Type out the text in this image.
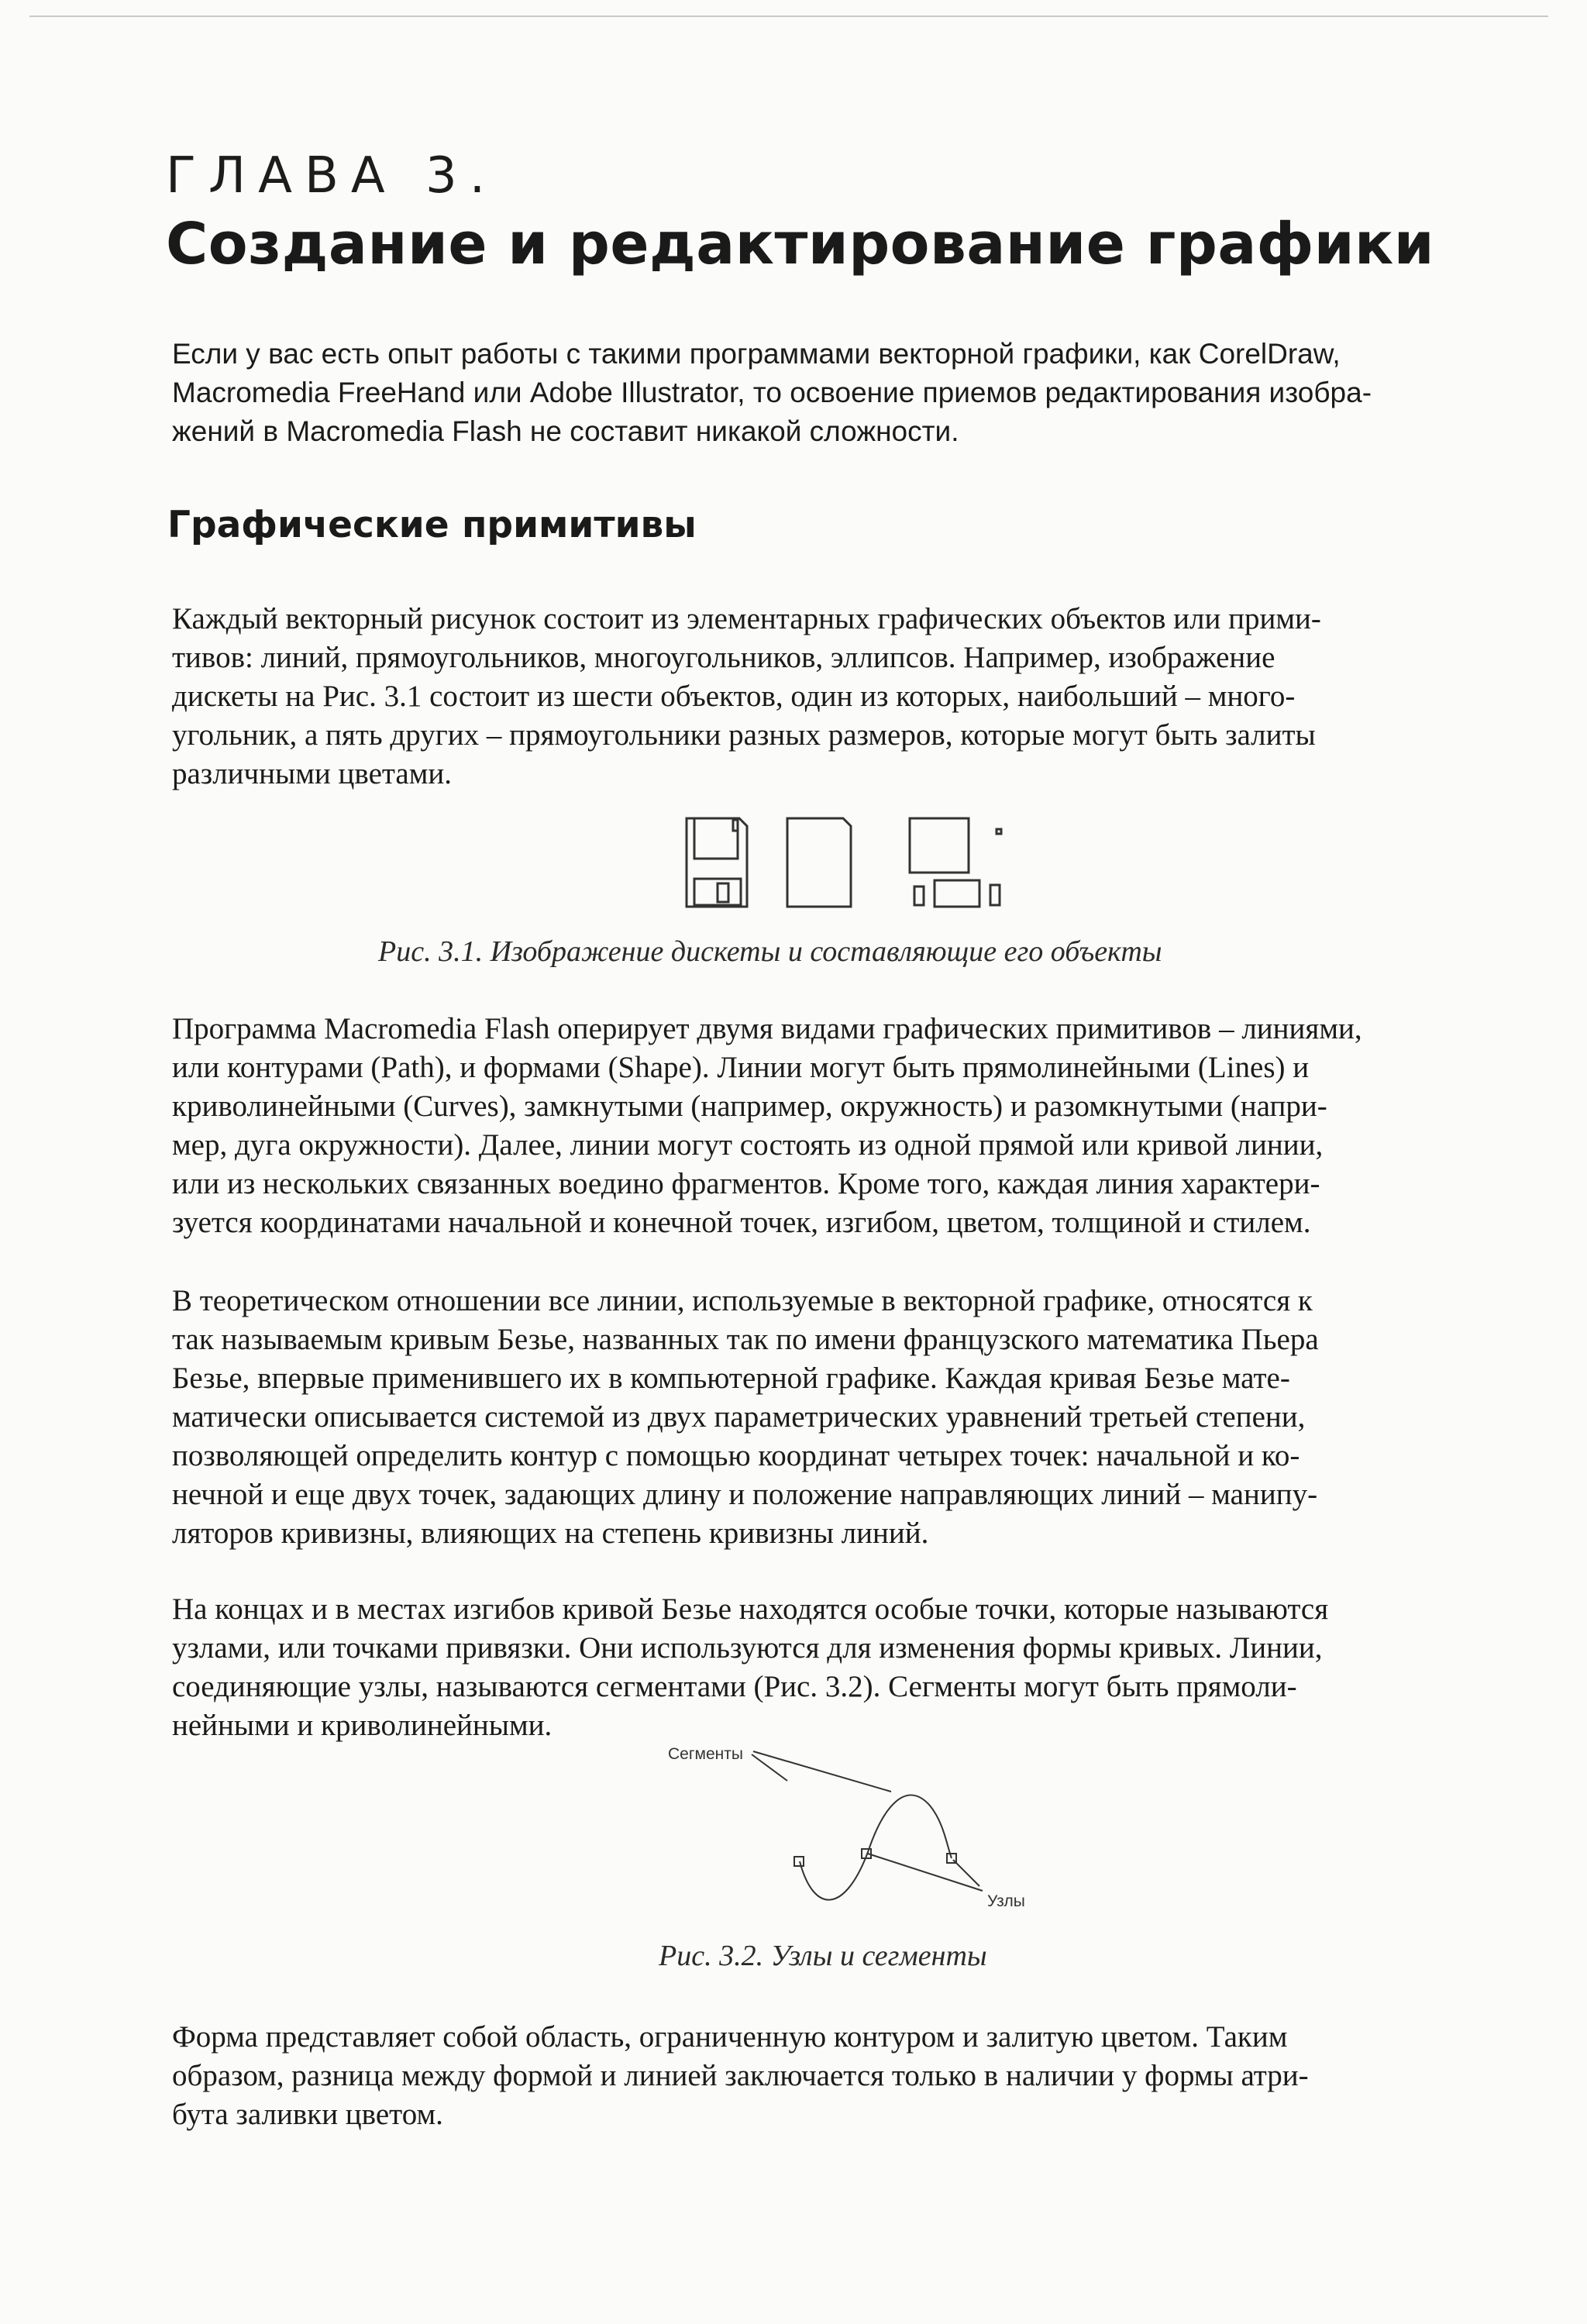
ГЛАВА 3.
Создание и редактирование графики
Если у вас есть опыт работы с такими программами векторной графики, как CorelDraw,
Macromedia FreeHand или Adobe Illustrator, то освоение приемов редактирования изобра-
жений в Macromedia Flash не составит никакой сложности.
Графические примитивы
Каждый векторный рисунок состоит из элементарных графических объектов или прими-
тивов: линий, прямоугольников, многоугольников, эллипсов. Например, изображение
дискеты на Рис. 3.1 состоит из шести объектов, один из которых, наибольший – много-
угольник, а пять других – прямоугольники разных размеров, которые могут быть залиты
различными цветами.
Рис. 3.1. Изображение дискеты и составляющие его объекты
Программа Macromedia Flash оперирует двумя видами графических примитивов – линиями,
или контурами (Path), и формами (Shape). Линии могут быть прямолинейными (Lines) и
криволинейными (Curves), замкнутыми (например, окружность) и разомкнутыми (напри-
мер, дуга окружности). Далее, линии могут состоять из одной прямой или кривой линии,
или из нескольких связанных воедино фрагментов. Кроме того, каждая линия характери-
зуется координатами начальной и конечной точек, изгибом, цветом, толщиной и стилем.
В теоретическом отношении все линии, используемые в векторной графике, относятся к
так называемым кривым Безье, названных так по имени французского математика Пьера
Безье, впервые применившего их в компьютерной графике. Каждая кривая Безье мате-
матически описывается системой из двух параметрических уравнений третьей степени,
позволяющей определить контур с помощью координат четырех точек: начальной и ко-
нечной и еще двух точек, задающих длину и положение направляющих линий – манипу-
ляторов кривизны, влияющих на степень кривизны линий.
На концах и в местах изгибов кривой Безье находятся особые точки, которые называются
узлами, или точками привязки. Они используются для изменения формы кривых. Линии,
соединяющие узлы, называются сегментами (Рис. 3.2). Сегменты могут быть прямоли-
нейными и криволинейными.
Сегменты
Узлы
Рис. 3.2. Узлы и сегменты
Форма представляет собой область, ограниченную контуром и залитую цветом. Таким
образом, разница между формой и линией заключается только в наличии у формы атри-
бута заливки цветом.
